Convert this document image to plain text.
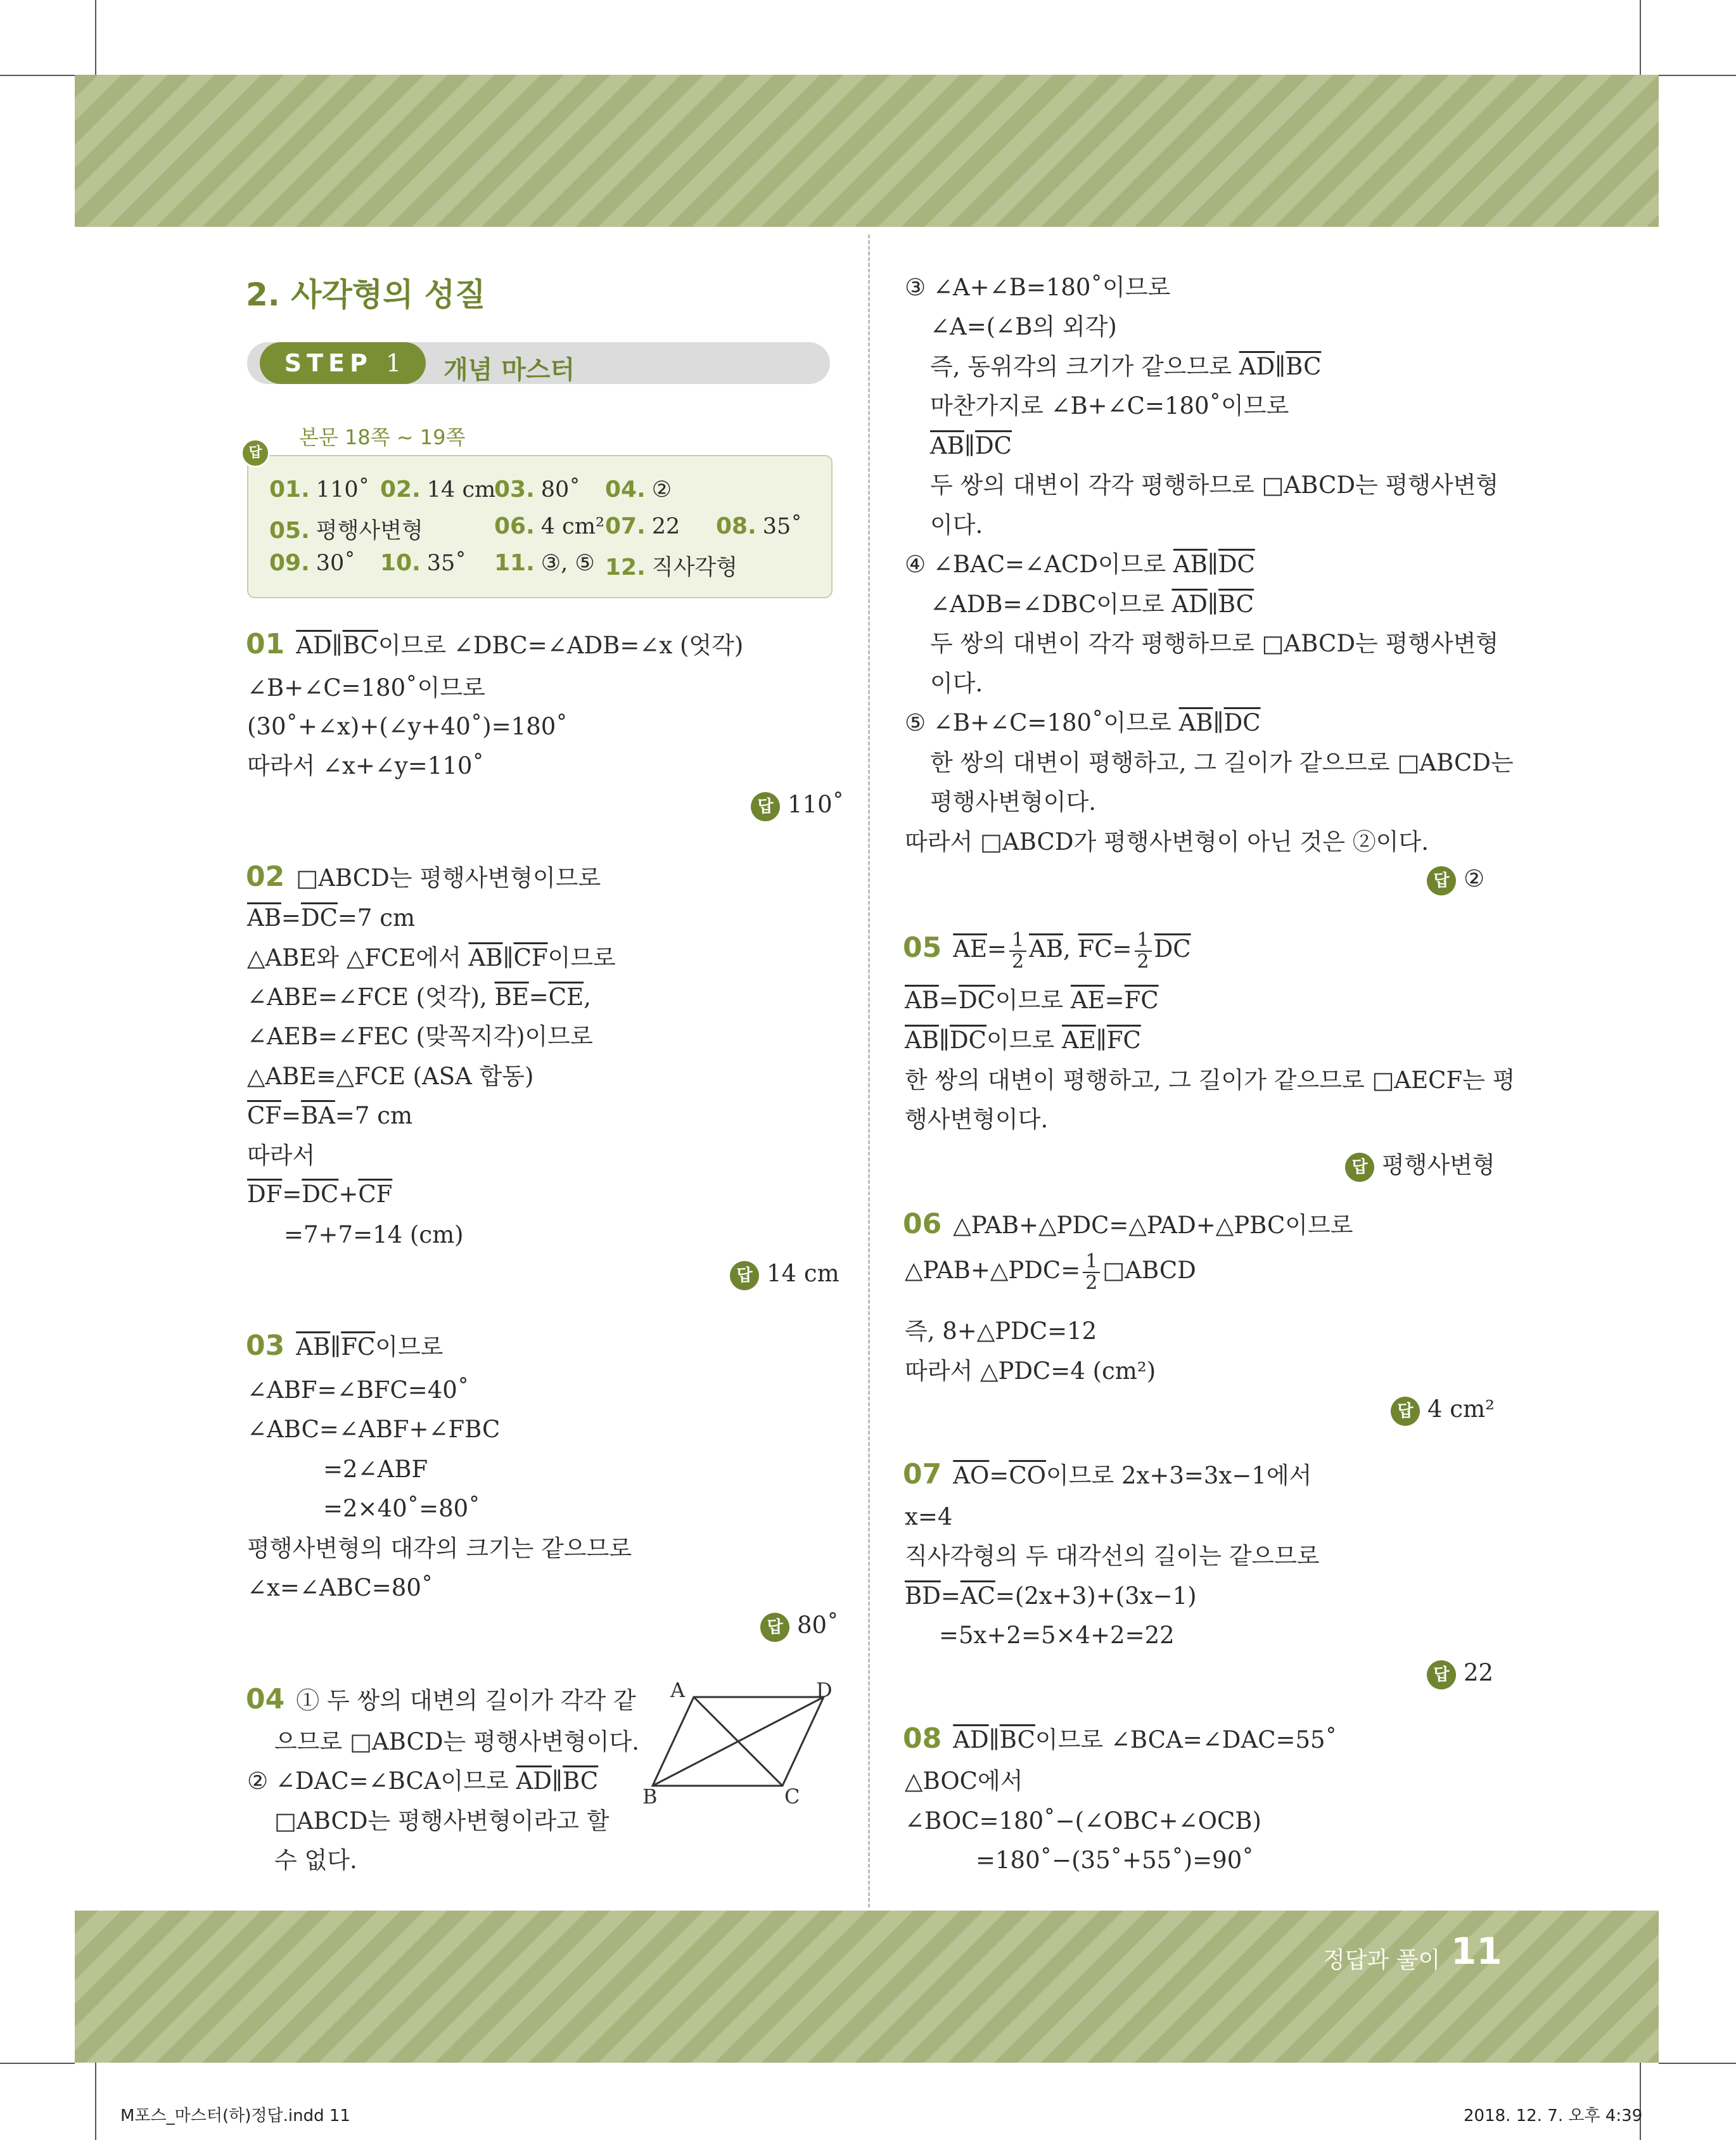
2. 사각형의 성질
STEP 1	개념 마스터
본문 18쪽 ~ 19쪽
답
01. 110˚ 02. 14 cm
03. 80˚ 04. ②
05. 평행사변형	06. 4 cm² 07. 22 08. 35˚
09. 30˚ 10. 35˚ 11. ③, ⑤ 12. 직사각형
01 $\overline{AD}\parallel\overline{BC}$이므로 ∠DBC=∠ADB=∠x (엇각)
∠B+∠C=180˚이므로
(30˚+∠x)+(∠y+40˚)=180˚
따라서 ∠x+∠y=110˚
답 110˚
02 □ABCD는 평행사변형이므로
$\overline{AB}=\overline{DC}=7$ cm
△ABE와 △FCE에서 $\overline{AB}\parallel\overline{CF}$이므로
∠ABE=∠FCE (엇각), $\overline{BE}=\overline{CE}$,
∠AEB=∠FEC (맞꼭지각)이므로
△ABE≡△FCE (ASA 합동)
$\overline{CF}=\overline{BA}=7$ cm
따라서
$\overline{DF}=\overline{DC}+\overline{CF}$
=7+7=14 (cm)
답 14 cm
03 $\overline{AB}\parallel\overline{FC}$이므로
∠ABF=∠BFC=40˚
∠ABC=∠ABF+∠FBC
=2∠ABF
=2×40˚=80˚
평행사변형의 대각의 크기는 같으므로
∠x=∠ABC=80˚
답 80˚
04 ① 두 쌍의 대변의 길이가 각각 같
으므로 □ABCD는 평행사변형이다.
② ∠DAC=∠BCA이므로 $\overline{AD}\parallel\overline{BC}$
□ABCD는 평행사변형이라고 할
수 없다.
A	D
B	C
③ ∠A+∠B=180˚이므로
∠A=(∠B의 외각)
즉, 동위각의 크기가 같으므로 $\overline{AD}\parallel\overline{BC}$
마찬가지로 ∠B+∠C=180˚이므로
$\overline{AB}\parallel\overline{DC}$
두 쌍의 대변이 각각 평행하므로 □ABCD는 평행사변형
이다.
④ ∠BAC=∠ACD이므로 $\overline{AB}\parallel\overline{DC}$
∠ADB=∠DBC이므로 $\overline{AD}\parallel\overline{BC}$
두 쌍의 대변이 각각 평행하므로 □ABCD는 평행사변형
이다.
⑤ ∠B+∠C=180˚이므로 $\overline{AB}\parallel\overline{DC}$
한 쌍의 대변이 평행하고, 그 길이가 같으므로 □ABCD는
평행사변형이다.
따라서 □ABCD가 평행사변형이 아닌 것은 ②이다.
답 ②
05 $\overline{AE}= \frac{1}{2} \overline{AB}$, $\overline{FC}= \frac{1}{2} \overline{DC}$
$\overline{AB}=\overline{DC}$이므로 $\overline{AE}=\overline{FC}$
$\overline{AB}\parallel\overline{DC}$이므로 $\overline{AE}\parallel\overline{FC}$
한 쌍의 대변이 평행하고, 그 길이가 같으므로 □AECF는 평
행사변형이다.
답 평행사변형
06 △PAB+△PDC=△PAD+△PBC이므로
△PAB+△PDC= $\frac{1}{2}$ □ABCD
즉, 8+△PDC=12
따라서 △PDC=4 (cm²)
답 4 cm²
07 $\overline{AO}=\overline{CO}$이므로 2x+3=3x−1에서
x=4
직사각형의 두 대각선의 길이는 같으므로
$\overline{BD}=\overline{AC}=(2x+3)+(3x-1)$
=5x+2=5×4+2=22
답 22
08 $\overline{AD}\parallel\overline{BC}$이므로 ∠BCA=∠DAC=55˚
△BOC에서
∠BOC=180˚−(∠OBC+∠OCB)
=180˚−(35˚+55˚)=90˚
정답과 풀이 11
M포스_마스터(하)정답.indd 11	2018. 12. 7. 오후 4:39
